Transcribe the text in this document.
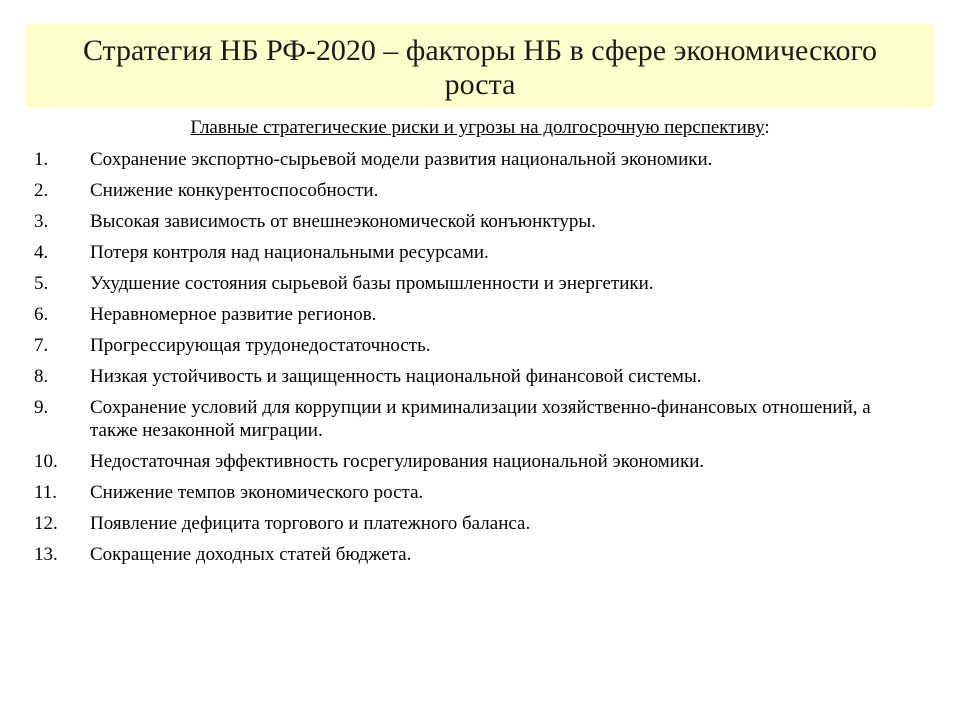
Стратегия НБ РФ-2020 – факторы НБ в сфере экономического роста
Главные стратегические риски и угрозы на долгосрочную перспективу:
1. Сохранение экспортно-сырьевой модели развития национальной экономики.
2. Снижение конкурентоспособности.
3. Высокая зависимость от внешнеэкономической конъюнктуры.
4. Потеря контроля над национальными ресурсами.
5. Ухудшение состояния сырьевой базы промышленности и энергетики.
6. Неравномерное развитие регионов.
7. Прогрессирующая трудонедостаточность.
8. Низкая устойчивость и защищенность национальной финансовой системы.
9. Сохранение условий для коррупции и криминализации хозяйственно-финансовых отношений, а также незаконной миграции.
10. Недостаточная эффективность госрегулирования национальной экономики.
11. Снижение темпов экономического роста.
12. Появление дефицита торгового и платежного баланса.
13. Сокращение доходных статей бюджета.
